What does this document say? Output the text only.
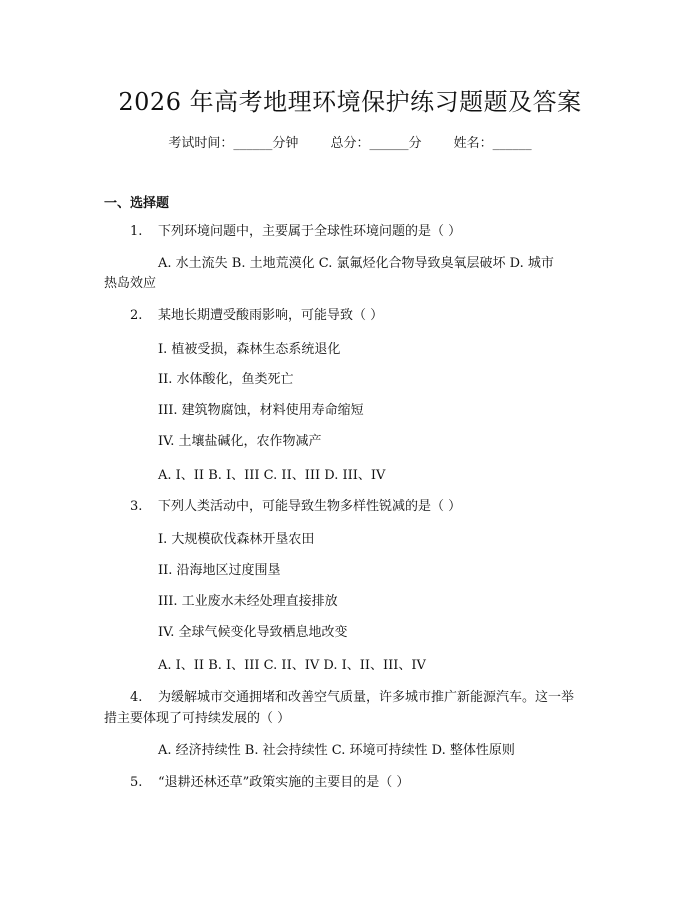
2026 年高考地理环境保护练习题题及答案
考试时间：______分钟 总分：______分 姓名：______
一、选择题
1. 下列环境问题中，主要属于全球性环境问题的是（ ）
A. 水土流失 B. 土地荒漠化 C. 氯氟烃化合物导致臭氧层破坏 D. 城市
热岛效应
2. 某地长期遭受酸雨影响，可能导致（ ）
I. 植被受损，森林生态系统退化
II. 水体酸化，鱼类死亡
III. 建筑物腐蚀，材料使用寿命缩短
IV. 土壤盐碱化，农作物减产
A. I、II B. I、III C. II、III D. III、IV
3. 下列人类活动中，可能导致生物多样性锐减的是（ ）
I. 大规模砍伐森林开垦农田
II. 沿海地区过度围垦
III. 工业废水未经处理直接排放
IV. 全球气候变化导致栖息地改变
A. I、II B. I、III C. II、IV D. I、II、III、IV
4. 为缓解城市交通拥堵和改善空气质量，许多城市推广新能源汽车。这一举
措主要体现了可持续发展的（ ）
A. 经济持续性 B. 社会持续性 C. 环境可持续性 D. 整体性原则
5. “退耕还林还草”政策实施的主要目的是（ ）
